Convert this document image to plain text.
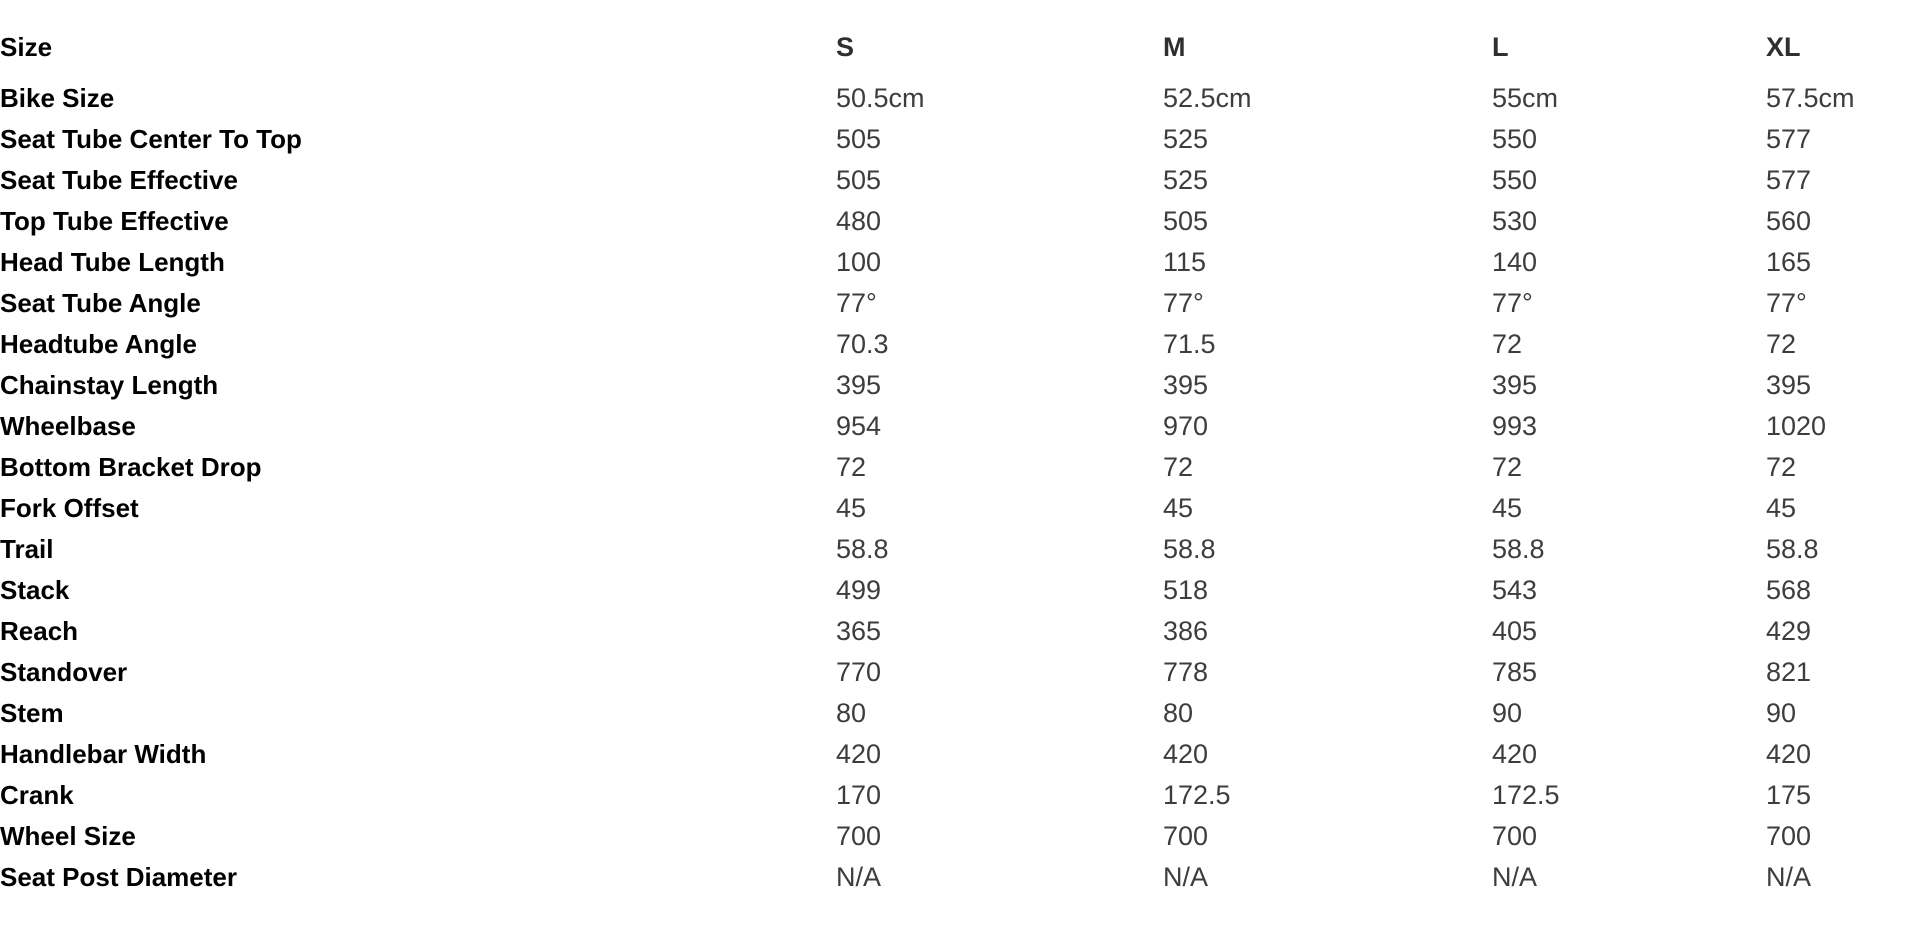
Size	S	M	L	XL

Bike Size	50.5cm	52.5cm	55cm	57.5cm
Seat Tube Center To Top	505	525	550	577
Seat Tube Effective	505	525	550	577
Top Tube Effective	480	505	530	560
Head Tube Length	100	115	140	165
Seat Tube Angle	77°	77°	77°	77°
Headtube Angle	70.3	71.5	72	72
Chainstay Length	395	395	395	395
Wheelbase	954	970	993	1020
Bottom Bracket Drop	72	72	72	72
Fork Offset	45	45	45	45
Trail	58.8	58.8	58.8	58.8
Stack	499	518	543	568
Reach	365	386	405	429
Standover	770	778	785	821
Stem	80	80	90	90
Handlebar Width	420	420	420	420
Crank	170	172.5	172.5	175
Wheel Size	700	700	700	700
Seat Post Diameter	N/A	N/A	N/A	N/A
